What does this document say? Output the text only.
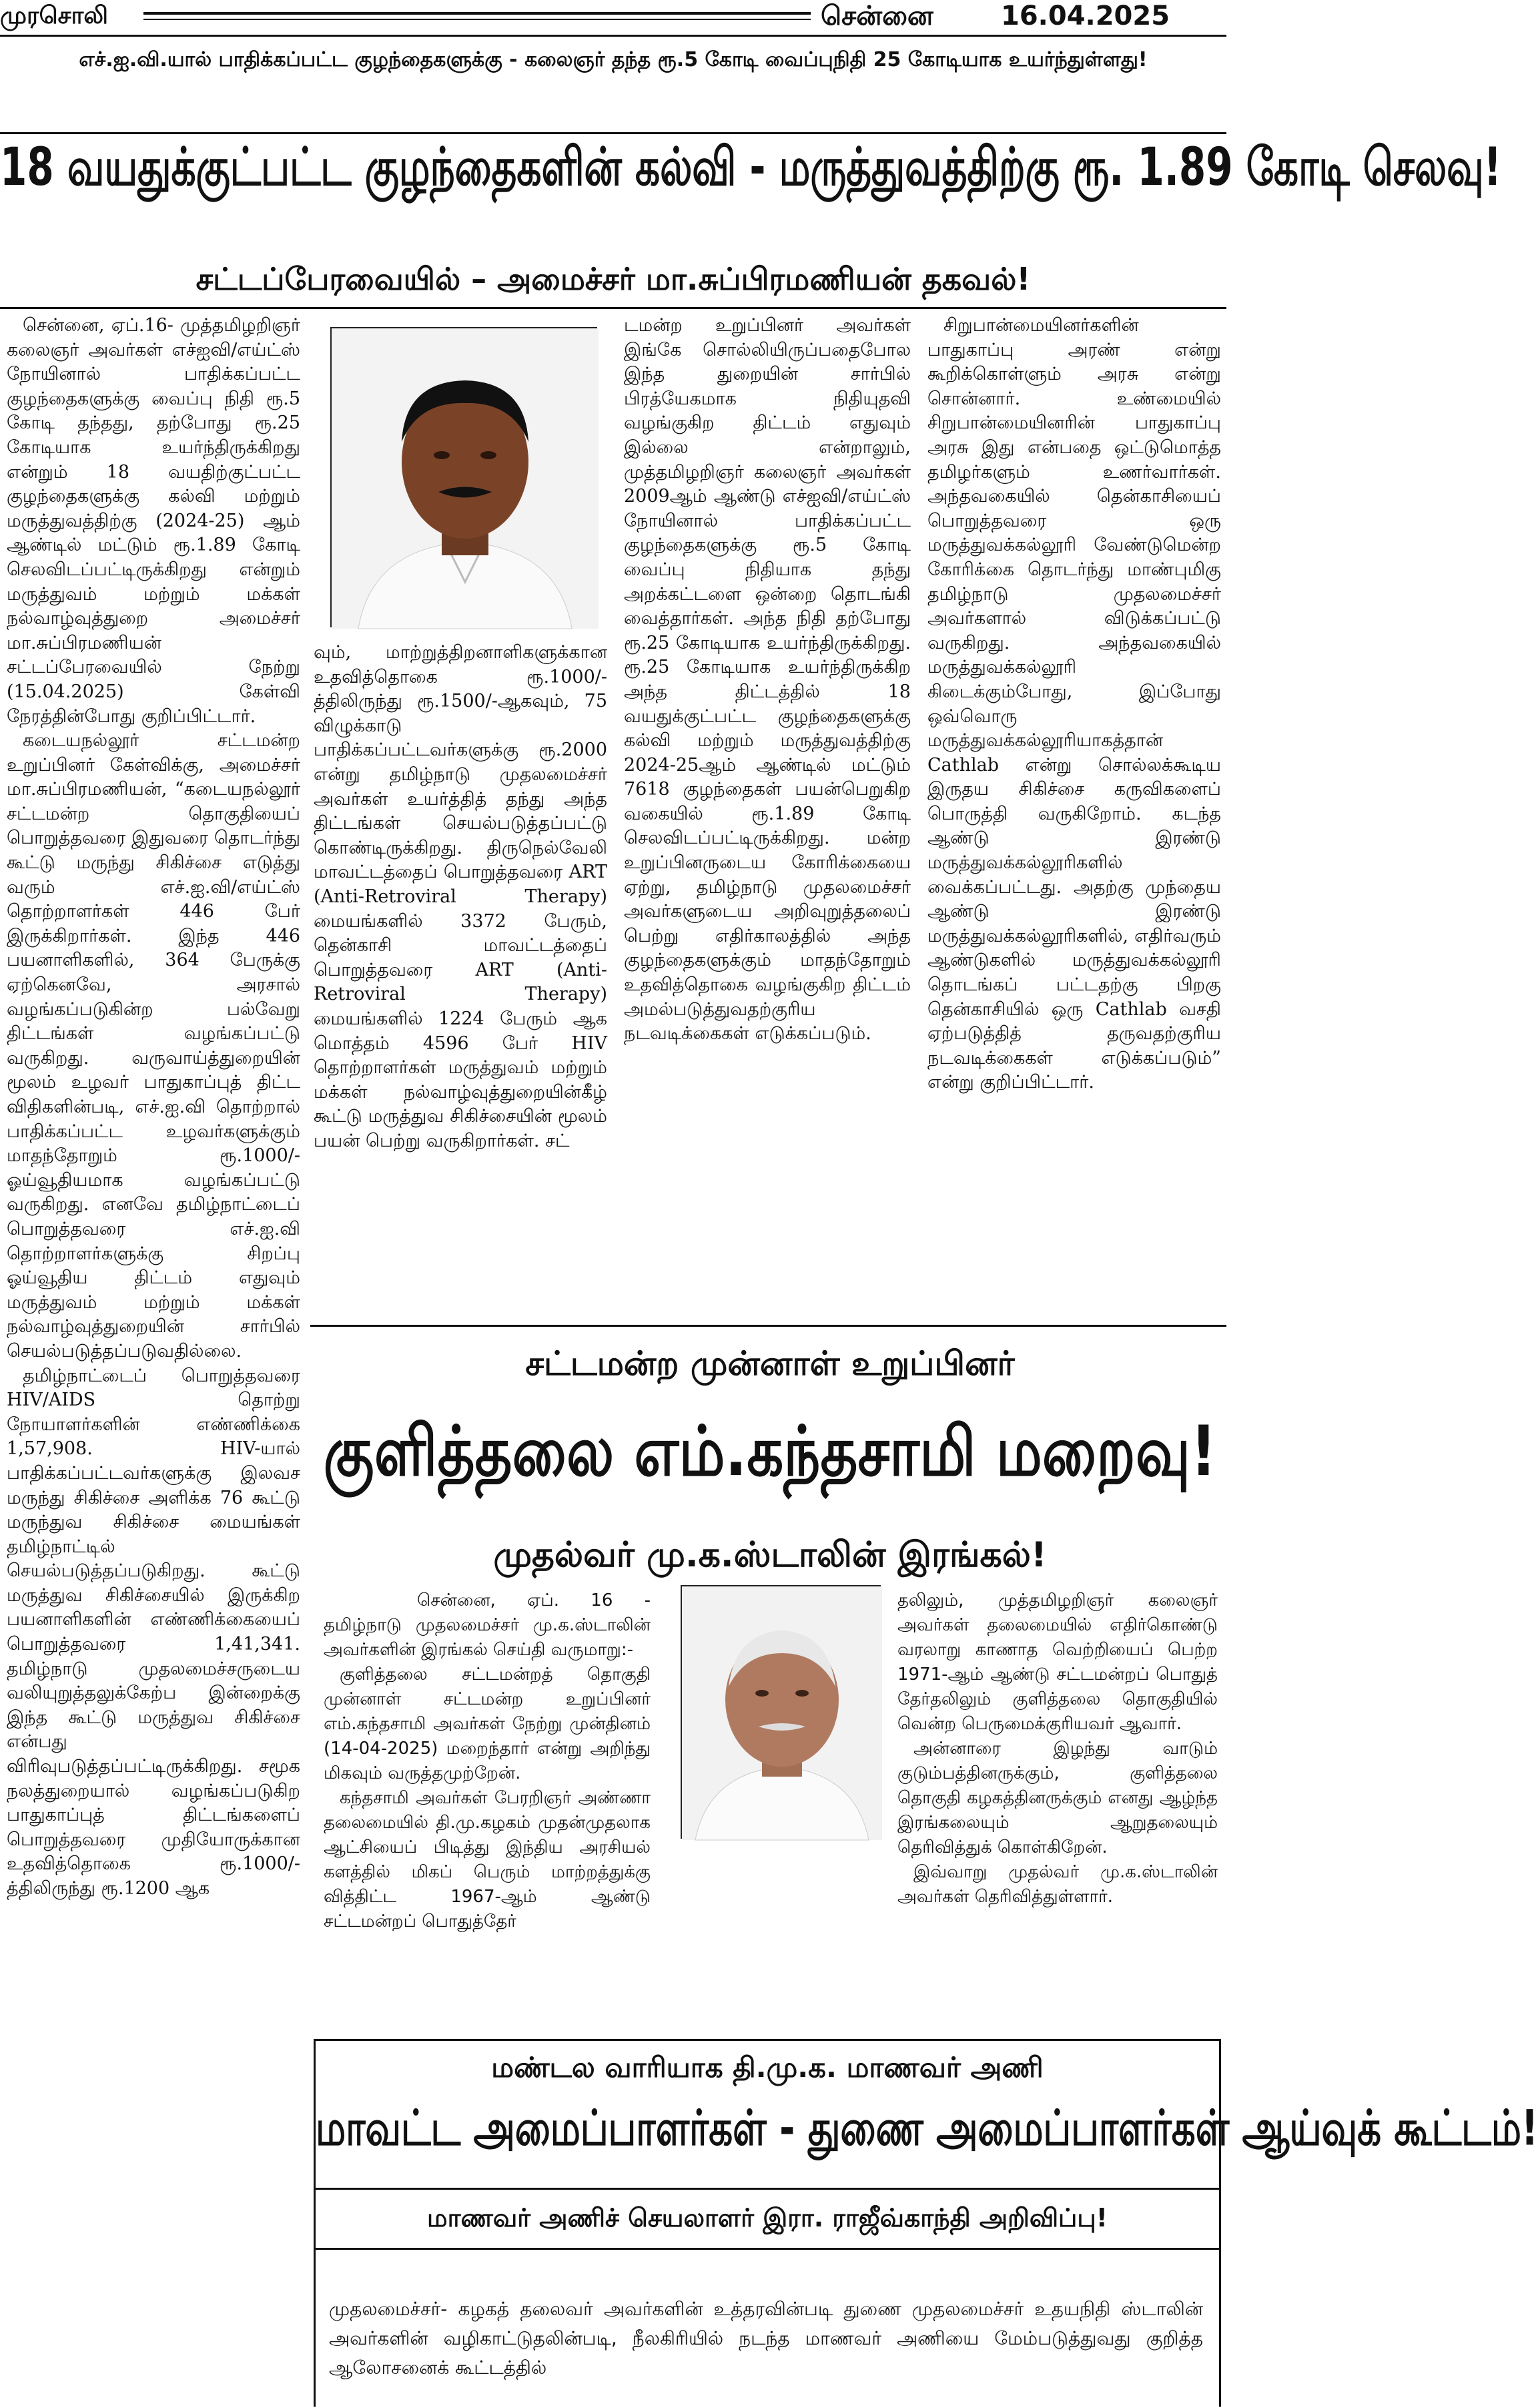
முரசொலி	சென்னை	16.04.2025
எச்.ஐ.வி.யால் பாதிக்கப்பட்ட குழந்தைகளுக்கு - கலைஞர் தந்த ரூ.5 கோடி வைப்புநிதி 25 கோடியாக உயர்ந்துள்ளது!
18 வயதுக்குட்பட்ட குழந்தைகளின் கல்வி - மருத்துவத்திற்கு ரூ. 1.89 கோடி செலவு!
சட்டப்பேரவையில் – அமைச்சர் மா.சுப்பிரமணியன் தகவல்!

சென்னை, ஏப்.16- முத்தமிழறிஞர் கலைஞர் அவர்கள் எச்ஐவி/எய்ட்ஸ் நோயினால் பாதிக்கப்பட்ட குழந்தைகளுக்கு வைப்பு நிதி ரூ.5 கோடி தந்தது, தற்போது ரூ.25 கோடியாக உயர்ந்திருக்கிறது என்றும் 18 வயதிற்குட்பட்ட குழந்தைகளுக்கு கல்வி மற்றும் மருத்துவத்திற்கு (2024-25) ஆம் ஆண்டில் மட்டும் ரூ.1.89 கோடி செலவிடப்பட்டிருக்கிறது என்றும் மருத்துவம் மற்றும் மக்கள் நல்வாழ்வுத்துறை அமைச்சர் மா.சுப்பிரமணியன் சட்டப்பேரவையில் நேற்று (15.04.2025) கேள்வி நேரத்தின்போது குறிப்பிட்டார்.

கடையநல்லூர் சட்டமன்ற உறுப்பினர் கேள்விக்கு, அமைச்சர் மா.சுப்பிரமணியன், “கடையநல்லூர் சட்டமன்ற தொகுதியைப் பொறுத்தவரை இதுவரை தொடர்ந்து கூட்டு மருந்து சிகிச்சை எடுத்து வரும் எச்.ஐ.வி/எய்ட்ஸ் தொற்றாளர்கள் 446 பேர் இருக்கிறார்கள். இந்த 446 பயனாளிகளில், 364 பேருக்கு ஏற்கெனவே, அரசால் வழங்கப்படுகின்ற பல்வேறு திட்டங்கள் வழங்கப்பட்டு வருகிறது. வருவாய்த்துறையின் மூலம் உழவர் பாதுகாப்புத் திட்ட விதிகளின்படி, எச்.ஐ.வி தொற்றால் பாதிக்கப்பட்ட உழவர்களுக்கும் மாதந்தோறும் ரூ.1000/- ஓய்வூதியமாக வழங்கப்பட்டு வருகிறது. எனவே தமிழ்நாட்டைப் பொறுத்தவரை எச்.ஐ.வி தொற்றாளர்களுக்கு சிறப்பு ஓய்வூதிய திட்டம் எதுவும் மருத்துவம் மற்றும் மக்கள் நல்வாழ்வுத்துறையின் சார்பில் செயல்படுத்தப்படுவதில்லை.

தமிழ்நாட்டைப் பொறுத்தவரை HIV/AIDS தொற்று நோயாளர்களின் எண்ணிக்கை 1,57,908. HIV-யால் பாதிக்கப்பட்டவர்களுக்கு இலவச மருந்து சிகிச்சை அளிக்க 76 கூட்டு மருந்துவ சிகிச்சை மையங்கள் தமிழ்நாட்டில் செயல்படுத்தப்படுகிறது. கூட்டு மருத்துவ சிகிச்சையில் இருக்கிற பயனாளிகளின் எண்ணிக்கையைப் பொறுத்தவரை 1,41,341. தமிழ்நாடு முதலமைச்சருடைய வலியுறுத்தலுக்கேற்ப இன்றைக்கு இந்த கூட்டு மருத்துவ சிகிச்சை என்பது விரிவுபடுத்தப்பட்டிருக்கிறது. சமூக நலத்துறையால் வழங்கப்படுகிற பாதுகாப்புத் திட்டங்களைப் பொறுத்தவரை முதியோருக்கான உதவித்தொகை ரூ.1000/-த்திலிருந்து ரூ.1200 ஆக

வும், மாற்றுத்திறனாளிகளுக்கான உதவித்தொகை ரூ.1000/-த்திலிருந்து ரூ.1500/-ஆகவும், 75 விழுக்காடு பாதிக்கப்பட்டவர்களுக்கு ரூ.2000 என்று தமிழ்நாடு முதலமைச்சர் அவர்கள் உயர்த்தித் தந்து அந்த திட்டங்கள் செயல்படுத்தப்பட்டு கொண்டிருக்கிறது. திருநெல்வேலி மாவட்டத்தைப் பொறுத்தவரை ART (Anti-Retroviral Therapy) மையங்களில் 3372 பேரும், தென்காசி மாவட்டத்தைப் பொறுத்தவரை ART (Anti-Retroviral Therapy) மையங்களில் 1224 பேரும் ஆக மொத்தம் 4596 பேர் HIV தொற்றாளர்கள் மருத்துவம் மற்றும் மக்கள் நல்வாழ்வுத்துறையின்கீழ் கூட்டு மருத்துவ சிகிச்சையின் மூலம் பயன் பெற்று வருகிறார்கள். சட்

டமன்ற உறுப்பினர் அவர்கள் இங்கே சொல்லியிருப்பதைபோல இந்த துறையின் சார்பில் பிரத்யேகமாக நிதியுதவி வழங்குகிற திட்டம் எதுவும் இல்லை என்றாலும், முத்தமிழறிஞர் கலைஞர் அவர்கள் 2009ஆம் ஆண்டு எச்ஐவி/எய்ட்ஸ் நோயினால் பாதிக்கப்பட்ட குழந்தைகளுக்கு ரூ.5 கோடி வைப்பு நிதியாக தந்து அறக்கட்டளை ஒன்றை தொடங்கி வைத்தார்கள். அந்த நிதி தற்போது ரூ.25 கோடியாக உயர்ந்திருக்கிறது. ரூ.25 கோடியாக உயர்ந்திருக்கிற அந்த திட்டத்தில் 18 வயதுக்குட்பட்ட குழந்தைகளுக்கு கல்வி மற்றும் மருத்துவத்திற்கு 2024-25ஆம் ஆண்டில் மட்டும் 7618 குழந்தைகள் பயன்பெறுகிற வகையில் ரூ.1.89 கோடி செலவிடப்பட்டிருக்கிறது. மன்ற உறுப்பினருடைய கோரிக்கையை ஏற்று, தமிழ்நாடு முதலமைச்சர் அவர்களுடைய அறிவுறுத்தலைப் பெற்று எதிர்காலத்தில் அந்த குழந்தைகளுக்கும் மாதந்தோறும் உதவித்தொகை வழங்குகிற திட்டம் அமல்படுத்துவதற்குரிய நடவடிக்கைகள் எடுக்கப்படும்.

சிறுபான்மையினர்களின் பாதுகாப்பு அரண் என்று கூறிக்கொள்ளும் அரசு என்று சொன்னார். உண்மையில் சிறுபான்மையினரின் பாதுகாப்பு அரசு இது என்பதை ஒட்டுமொத்த தமிழர்களும் உணர்வார்கள். அந்தவகையில் தென்காசியைப் பொறுத்தவரை ஒரு மருத்துவக்கல்லூரி வேண்டுமென்ற கோரிக்கை தொடர்ந்து மாண்புமிகு தமிழ்நாடு முதலமைச்சர் அவர்களால் விடுக்கப்பட்டு வருகிறது. அந்தவகையில் மருத்துவக்கல்லூரி கிடைக்கும்போது, இப்போது ஒவ்வொரு மருத்துவக்கல்லூரியாகத்தான் Cathlab என்று சொல்லக்கூடிய இருதய சிகிச்சை கருவிகளைப் பொருத்தி வருகிறோம். கடந்த ஆண்டு இரண்டு மருத்துவக்கல்லூரிகளில் வைக்கப்பட்டது. அதற்கு முந்தைய ஆண்டு இரண்டு மருத்துவக்கல்லூரிகளில், எதிர்வரும் ஆண்டுகளில் மருத்துவக்கல்லூரி தொடங்கப் பட்டதற்கு பிறகு தென்காசியில் ஒரு Cathlab வசதி ஏற்படுத்தித் தருவதற்குரிய நடவடிக்கைகள் எடுக்கப்படும்” என்று குறிப்பிட்டார்.

சட்டமன்ற முன்னாள் உறுப்பினர்
குளித்தலை எம்.கந்தசாமி மறைவு!
முதல்வர் மு.க.ஸ்டாலின் இரங்கல்!

சென்னை, ஏப். 16 - தமிழ்நாடு முதலமைச்சர் மு.க.ஸ்டாலின் அவர்களின் இரங்கல் செய்தி வருமாறு:-

குளித்தலை சட்டமன்றத் தொகுதி முன்னாள் சட்டமன்ற உறுப்பினர் எம்.கந்தசாமி அவர்கள் நேற்று முன்தினம் (14-04-2025) மறைந்தார் என்று அறிந்து மிகவும் வருத்தமுற்றேன்.

கந்தசாமி அவர்கள் பேரறிஞர் அண்ணா தலைமையில் தி.மு.கழகம் முதன்முதலாக ஆட்சியைப் பிடித்து இந்திய அரசியல் களத்தில் மிகப் பெரும் மாற்றத்துக்கு வித்திட்ட 1967-ஆம் ஆண்டு சட்டமன்றப் பொதுத்தேர்

தலிலும், முத்தமிழறிஞர் கலைஞர் அவர்கள் தலைமையில் எதிர்கொண்டு வரலாறு காணாத வெற்றியைப் பெற்ற 1971-ஆம் ஆண்டு சட்டமன்றப் பொதுத் தேர்தலிலும் குளித்தலை தொகுதியில் வென்ற பெருமைக்குரியவர் ஆவார்.

அன்னாரை இழந்து வாடும் குடும்பத்தினருக்கும், குளித்தலை தொகுதி கழகத்தினருக்கும் எனது ஆழ்ந்த இரங்கலையும் ஆறுதலையும் தெரிவித்துக் கொள்கிறேன்.

இவ்வாறு முதல்வர் மு.க.ஸ்டாலின் அவர்கள் தெரிவித்துள்ளார்.

மண்டல வாரியாக தி.மு.க. மாணவர் அணி
மாவட்ட அமைப்பாளர்கள் - துணை அமைப்பாளர்கள் ஆய்வுக் கூட்டம்!
மாணவர் அணிச் செயலாளர் இரா. ராஜீவ்காந்தி அறிவிப்பு!

முதலமைச்சர்- கழகத் தலைவர் அவர்களின் உத்தரவின்படி துணை முதலமைச்சர் உதயநிதி ஸ்டாலின் அவர்களின் வழிகாட்டுதலின்படி, நீலகிரியில் நடந்த மாணவர் அணியை மேம்படுத்துவது குறித்த ஆலோசனைக் கூட்டத்தில்
